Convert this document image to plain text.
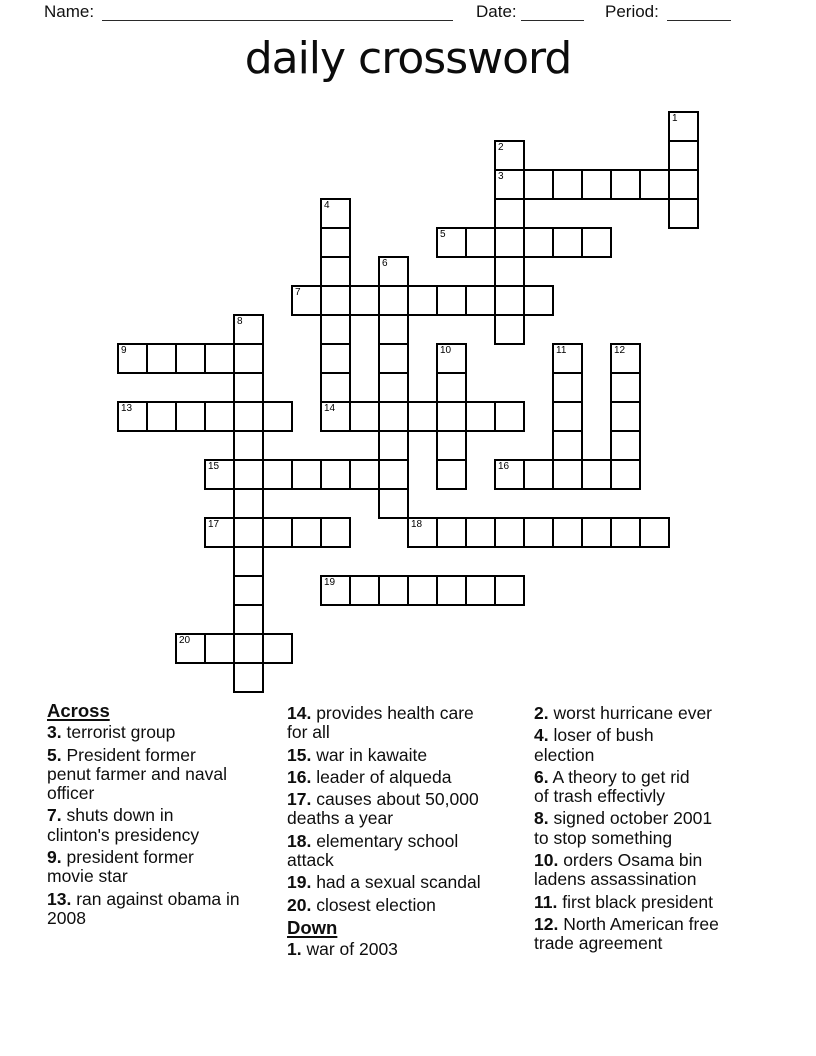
Name:	Date:	Period:
daily crossword
1
2
3
4
14
5
6
7
8
9	10	11	12
13
15	16
17	18
19
20
Across
3. terrorist group
5. President former
penut farmer and naval
officer
7. shuts down in
clinton's presidency
9. president former
movie star
13. ran against obama in
2008
14. provides health care
for all
15. war in kawaite
16. leader of alqueda
17. causes about 50,000
deaths a year
18. elementary school
attack
19. had a sexual scandal
20. closest election
Down
1. war of 2003
2. worst hurricane ever
4. loser of bush
election
6. A theory to get rid
of trash effectivly
8. signed october 2001
to stop something
10. orders Osama bin
ladens assassination
11. first black president
12. North American free
trade agreement
